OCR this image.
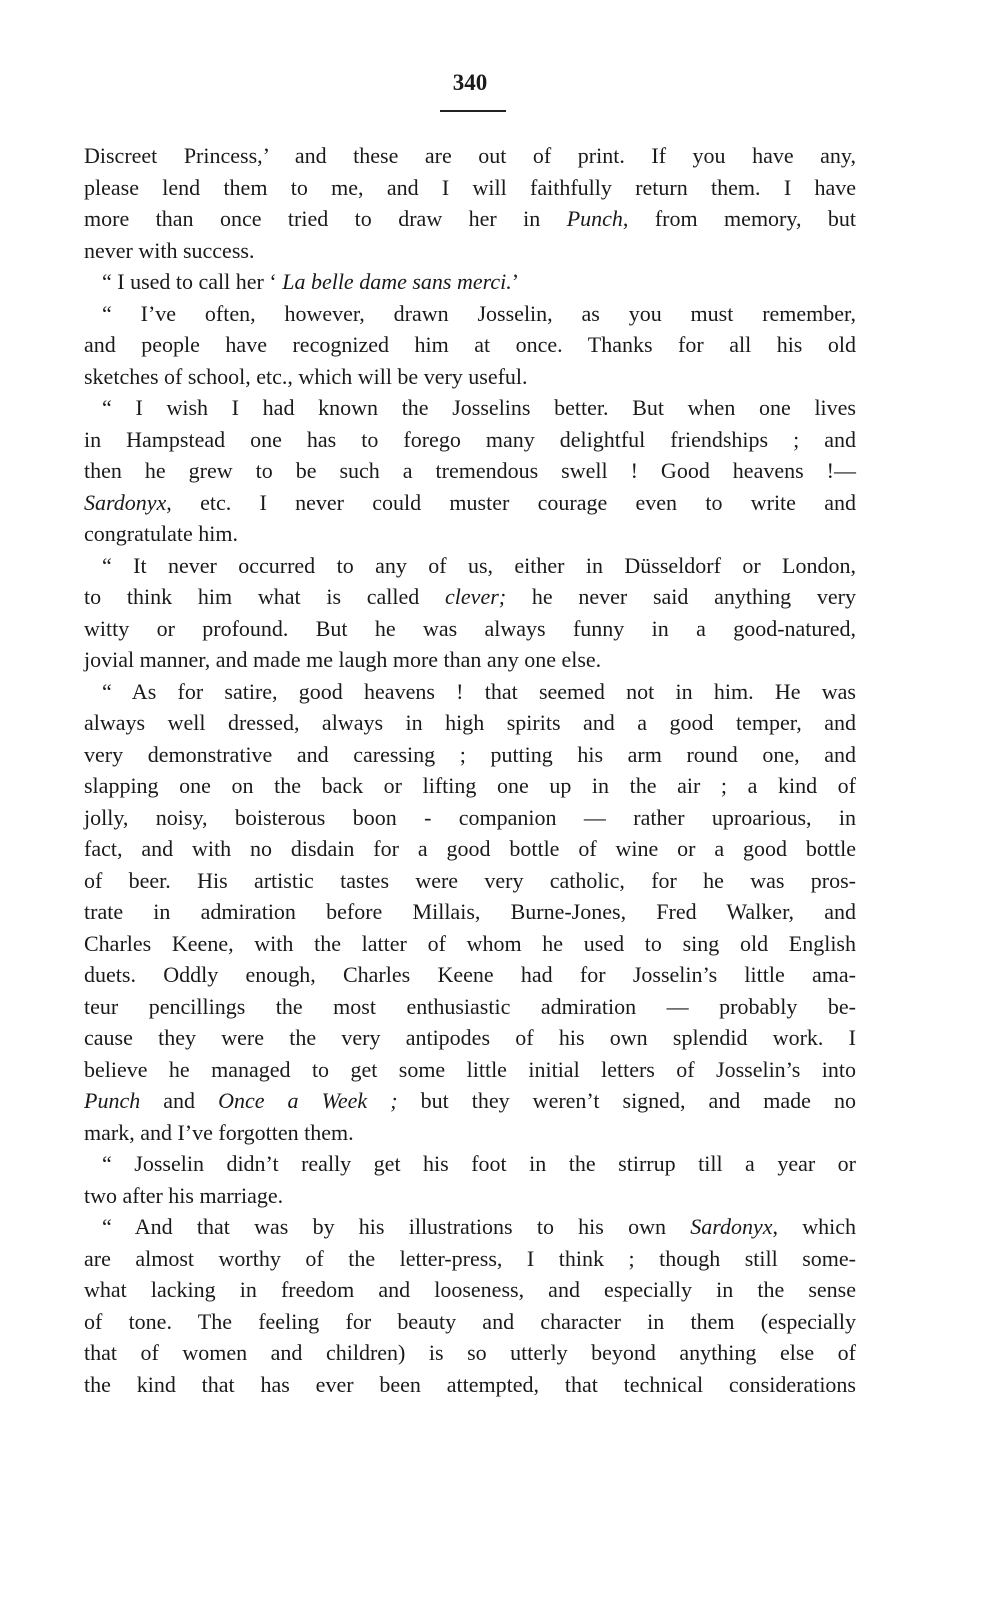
340
Discreet Princess,’ and these are out of print. If you have any,
please lend them to me, and I will faithfully return them. I have
more than once tried to draw her in Punch, from memory, but
never with success.
“ I used to call her ‘ La belle dame sans merci.’
“ I’ve often, however, drawn Josselin, as you must remember,
and people have recognized him at once. Thanks for all his old
sketches of school, etc., which will be very useful.
“ I wish I had known the Josselins better. But when one lives
in Hampstead one has to forego many delightful friendships ; and
then he grew to be such a tremendous swell ! Good heavens !—
Sardonyx, etc. I never could muster courage even to write and
congratulate him.
“ It never occurred to any of us, either in Düsseldorf or London,
to think him what is called clever; he never said anything very
witty or profound. But he was always funny in a good-natured,
jovial manner, and made me laugh more than any one else.
“ As for satire, good heavens ! that seemed not in him. He was
always well dressed, always in high spirits and a good temper, and
very demonstrative and caressing ; putting his arm round one, and
slapping one on the back or lifting one up in the air ; a kind of
jolly, noisy, boisterous boon - companion — rather uproarious, in
fact, and with no disdain for a good bottle of wine or a good bottle
of beer. His artistic tastes were very catholic, for he was pros-
trate in admiration before Millais, Burne-Jones, Fred Walker, and
Charles Keene, with the latter of whom he used to sing old English
duets. Oddly enough, Charles Keene had for Josselin’s little ama-
teur pencillings the most enthusiastic admiration — probably be-
cause they were the very antipodes of his own splendid work. I
believe he managed to get some little initial letters of Josselin’s into
Punch and Once a Week ; but they weren’t signed, and made no
mark, and I’ve forgotten them.
“ Josselin didn’t really get his foot in the stirrup till a year or
two after his marriage.
“ And that was by his illustrations to his own Sardonyx, which
are almost worthy of the letter-press, I think ; though still some-
what lacking in freedom and looseness, and especially in the sense
of tone. The feeling for beauty and character in them (especially
that of women and children) is so utterly beyond anything else of
the kind that has ever been attempted, that technical considerations
